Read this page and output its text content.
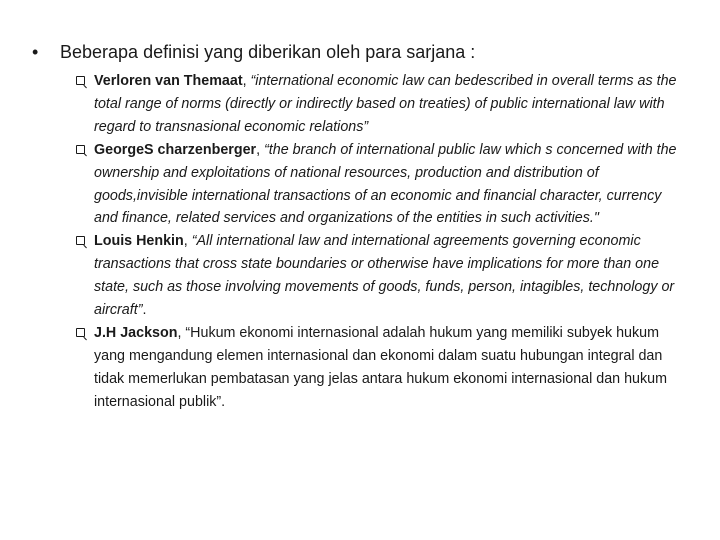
• Beberapa definisi yang diberikan oleh para sarjana :
Verloren van Themaat, “international economic law can bedescribed in overall terms as the total range of norms (directly or indirectly based on treaties) of public international law with regard to transnasional economic relations”
GeorgeS charzenberger, “the branch of international public law which s concerned with the ownership and exploitations of national resources, production and distribution of goods,invisible international transactions of an economic and financial character, currency and finance, related services and organizations of the entities in such activities."
Louis Henkin, “All international law and international agreements governing economic transactions that cross state boundaries or otherwise have implications for more than one state, such as those involving movements of goods, funds, person, intagibles, technology or aircraft”.
J.H Jackson, “Hukum ekonomi internasional adalah hukum yang memiliki subyek hukum yang mengandung elemen internasional dan ekonomi dalam suatu hubungan integral dan tidak memerlukan pembatasan yang jelas antara hukum ekonomi internasional dan hukum internasional publik”.
